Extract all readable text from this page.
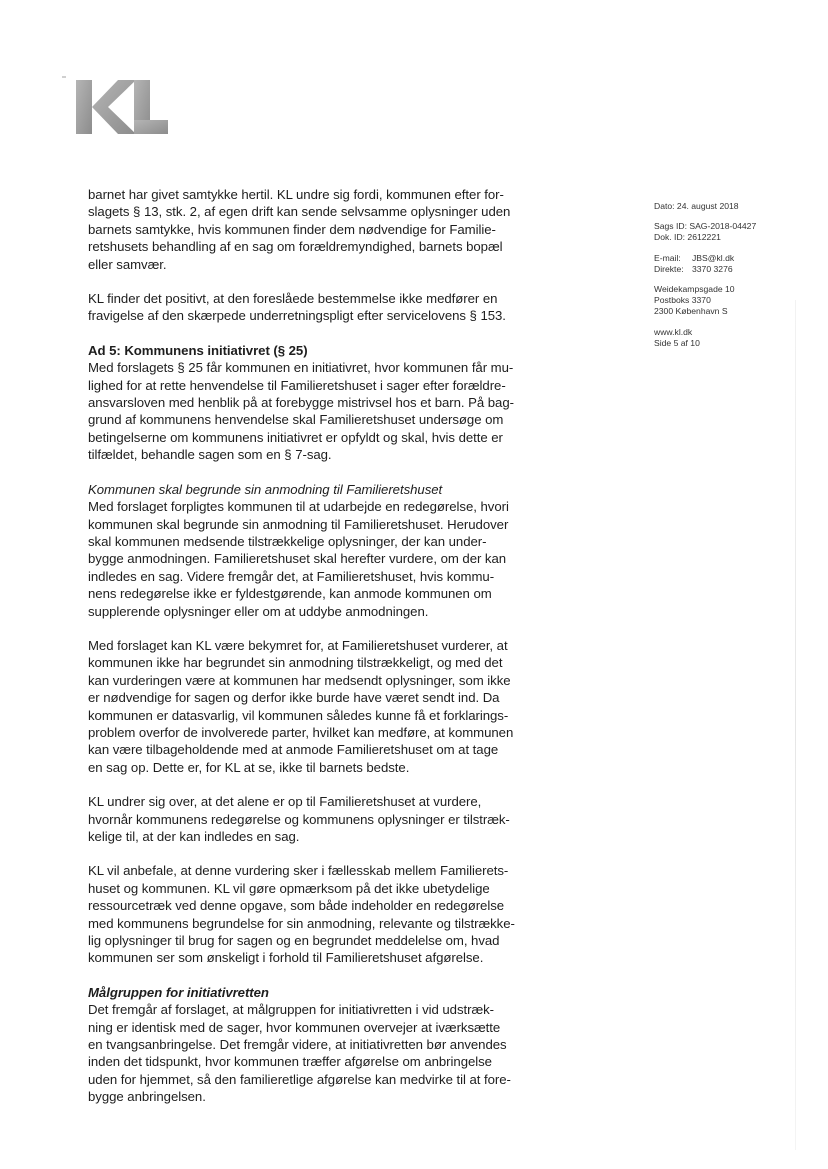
barnet har givet samtykke hertil. KL undre sig fordi, kommunen efter for-
slagets § 13, stk. 2, af egen drift kan sende selvsamme oplysninger uden
barnets samtykke, hvis kommunen finder dem nødvendige for Familie-
retshusets behandling af en sag om forældremyndighed, barnets bopæl
eller samvær.

KL finder det positivt, at den foreslåede bestemmelse ikke medfører en
fravigelse af den skærpede underretningspligt efter servicelovens § 153.

Ad 5: Kommunens initiativret (§ 25)
Med forslagets § 25 får kommunen en initiativret, hvor kommunen får mu-
lighed for at rette henvendelse til Familieretshuset i sager efter forældre-
ansvarsloven med henblik på at forebygge mistrivsel hos et barn. På bag-
grund af kommunens henvendelse skal Familieretshuset undersøge om
betingelserne om kommunens initiativret er opfyldt og skal, hvis dette er
tilfældet, behandle sagen som en § 7-sag.

Kommunen skal begrunde sin anmodning til Familieretshuset
Med forslaget forpligtes kommunen til at udarbejde en redegørelse, hvori
kommunen skal begrunde sin anmodning til Familieretshuset. Herudover
skal kommunen medsende tilstrækkelige oplysninger, der kan under-
bygge anmodningen. Familieretshuset skal herefter vurdere, om der kan
indledes en sag. Videre fremgår det, at Familieretshuset, hvis kommu-
nens redegørelse ikke er fyldestgørende, kan anmode kommunen om
supplerende oplysninger eller om at uddybe anmodningen.

Med forslaget kan KL være bekymret for, at Familieretshuset vurderer, at
kommunen ikke har begrundet sin anmodning tilstrækkeligt, og med det
kan vurderingen være at kommunen har medsendt oplysninger, som ikke
er nødvendige for sagen og derfor ikke burde have været sendt ind. Da
kommunen er datasvarlig, vil kommunen således kunne få et forklarings-
problem overfor de involverede parter, hvilket kan medføre, at kommunen
kan være tilbageholdende med at anmode Familieretshuset om at tage
en sag op. Dette er, for KL at se, ikke til barnets bedste.

KL undrer sig over, at det alene er op til Familieretshuset at vurdere,
hvornår kommunens redegørelse og kommunens oplysninger er tilstræk-
kelige til, at der kan indledes en sag.

KL vil anbefale, at denne vurdering sker i fællesskab mellem Familierets-
huset og kommunen. KL vil gøre opmærksom på det ikke ubetydelige
ressourcetræk ved denne opgave, som både indeholder en redegørelse
med kommunens begrundelse for sin anmodning, relevante og tilstrække-
lig oplysninger til brug for sagen og en begrundet meddelelse om, hvad
kommunen ser som ønskeligt i forhold til Familieretshuset afgørelse.

Målgruppen for initiativretten
Det fremgår af forslaget, at målgruppen for initiativretten i vid udstræk-
ning er identisk med de sager, hvor kommunen overvejer at iværksætte
en tvangsanbringelse. Det fremgår videre, at initiativretten bør anvendes
inden det tidspunkt, hvor kommunen træffer afgørelse om anbringelse
uden for hjemmet, så den familieretlige afgørelse kan medvirke til at fore-
bygge anbringelsen.

Dato: 24. august 2018
Sags ID: SAG-2018-04427
Dok. ID: 2612221
E-mail: JBS@kl.dk
Direkte: 3370 3276
Weidekampsgade 10
Postboks 3370
2300 København S
www.kl.dk
Side 5 af 10
